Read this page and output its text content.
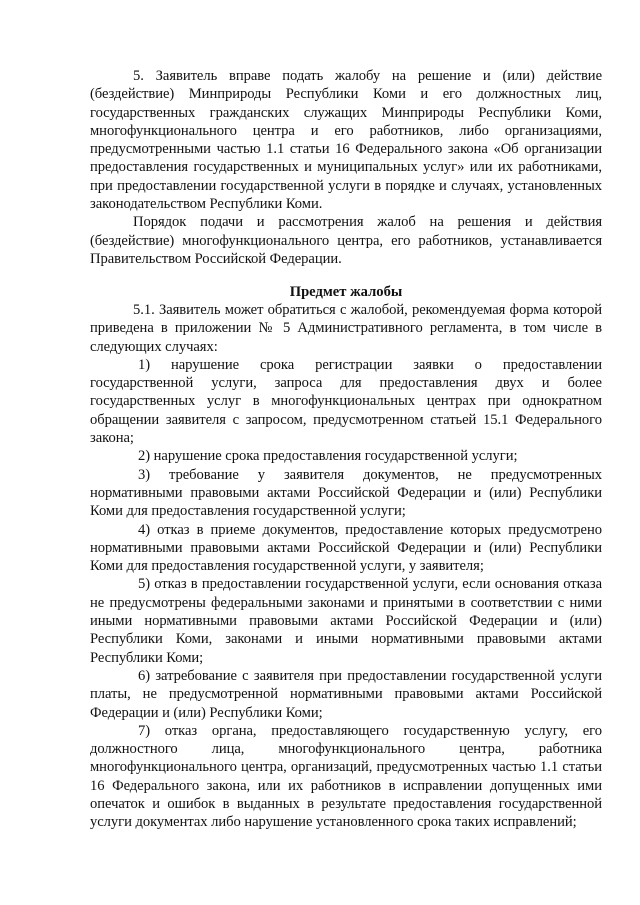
5. Заявитель вправе подать жалобу на решение и (или) действие (бездействие) Минприроды Республики Коми и его должностных лиц, государственных гражданских служащих Минприроды Республики Коми, многофункционального центра и его работников, либо организациями, предусмотренными частью 1.1 статьи 16 Федерального закона «Об организации предоставления государственных и муниципальных услуг» или их работниками, при предоставлении государственной услуги в порядке и случаях, установленных законодательством Республики Коми.

Порядок подачи и рассмотрения жалоб на решения и действия (бездействие) многофункционального центра, его работников, устанавливается Правительством Российской Федерации.

Предмет жалобы

5.1. Заявитель может обратиться с жалобой, рекомендуемая форма которой приведена в приложении № 5 Административного регламента, в том числе в следующих случаях:

1) нарушение срока регистрации заявки о предоставлении государственной услуги, запроса для предоставления двух и более государственных услуг в многофункциональных центрах при однократном обращении заявителя с запросом, предусмотренном статьей 15.1 Федерального закона;

2) нарушение срока предоставления государственной услуги;

3) требование у заявителя документов, не предусмотренных нормативными правовыми актами Российской Федерации и (или) Республики Коми для предоставления государственной услуги;

4) отказ в приеме документов, предоставление которых предусмотрено нормативными правовыми актами Российской Федерации и (или) Республики Коми для предоставления государственной услуги, у заявителя;

5) отказ в предоставлении государственной услуги, если основания отказа не предусмотрены федеральными законами и принятыми в соответствии с ними иными нормативными правовыми актами Российской Федерации и (или) Республики Коми, законами и иными нормативными правовыми актами Республики Коми;

6) затребование с заявителя при предоставлении государственной услуги платы, не предусмотренной нормативными правовыми актами Российской Федерации и (или) Республики Коми;

7) отказ органа, предоставляющего государственную услугу, его должностного лица, многофункционального центра, работника многофункционального центра, организаций, предусмотренных частью 1.1 статьи 16 Федерального закона, или их работников в исправлении допущенных ими опечаток и ошибок в выданных в результате предоставления государственной услуги документах либо нарушение установленного срока таких исправлений;
